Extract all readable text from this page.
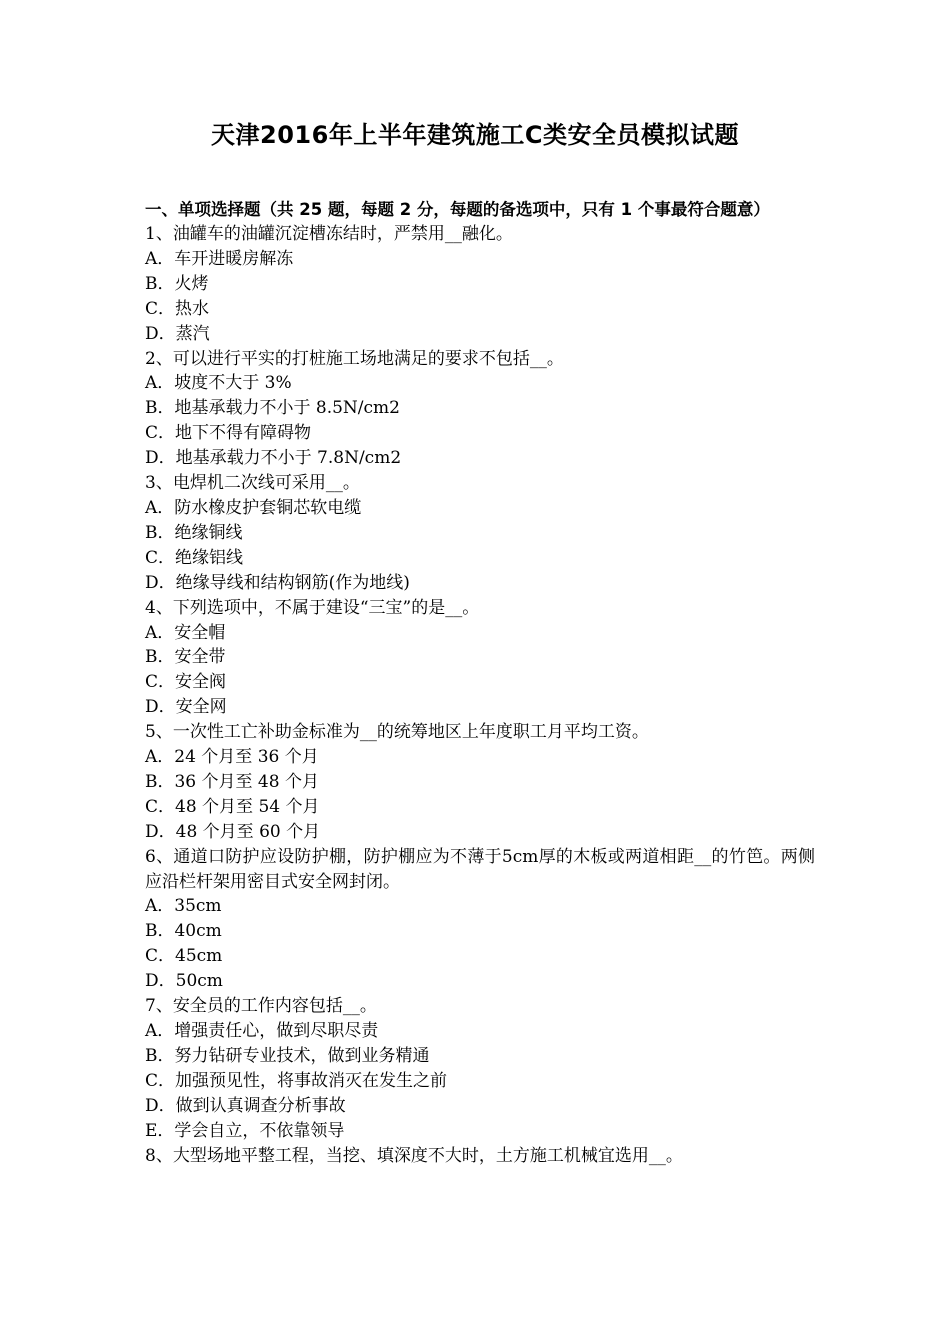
天津2016年上半年建筑施工C类安全员模拟试题
一、单项选择题（共 25 题，每题 2 分，每题的备选项中，只有 1 个事最符合题意）
1、油罐车的油罐沉淀槽冻结时，严禁用__融化。
A．车开进暖房解冻
B．火烤
C．热水
D．蒸汽
2、可以进行平实的打桩施工场地满足的要求不包括__。
A．坡度不大于 3%
B．地基承载力不小于 8.5N/cm2
C．地下不得有障碍物
D．地基承载力不小于 7.8N/cm2
3、电焊机二次线可采用__。
A．防水橡皮护套铜芯软电缆
B．绝缘铜线
C．绝缘铝线
D．绝缘导线和结构钢筋(作为地线)
4、下列选项中，不属于建设“三宝”的是__。
A．安全帽
B．安全带
C．安全阀
D．安全网
5、一次性工亡补助金标准为__的统筹地区上年度职工月平均工资。
A．24 个月至 36 个月
B．36 个月至 48 个月
C．48 个月至 54 个月
D．48 个月至 60 个月
6、通道口防护应设防护棚，防护棚应为不薄于5cm厚的木板或两道相距__的竹笆。两侧应沿栏杆架用密目式安全网封闭。
A．35cm
B．40cm
C．45cm
D．50cm
7、安全员的工作内容包括__。
A．增强责任心，做到尽职尽责
B．努力钻研专业技术，做到业务精通
C．加强预见性，将事故消灭在发生之前
D．做到认真调查分析事故
E．学会自立，不依靠领导
8、大型场地平整工程，当挖、填深度不大时，土方施工机械宜选用__。
